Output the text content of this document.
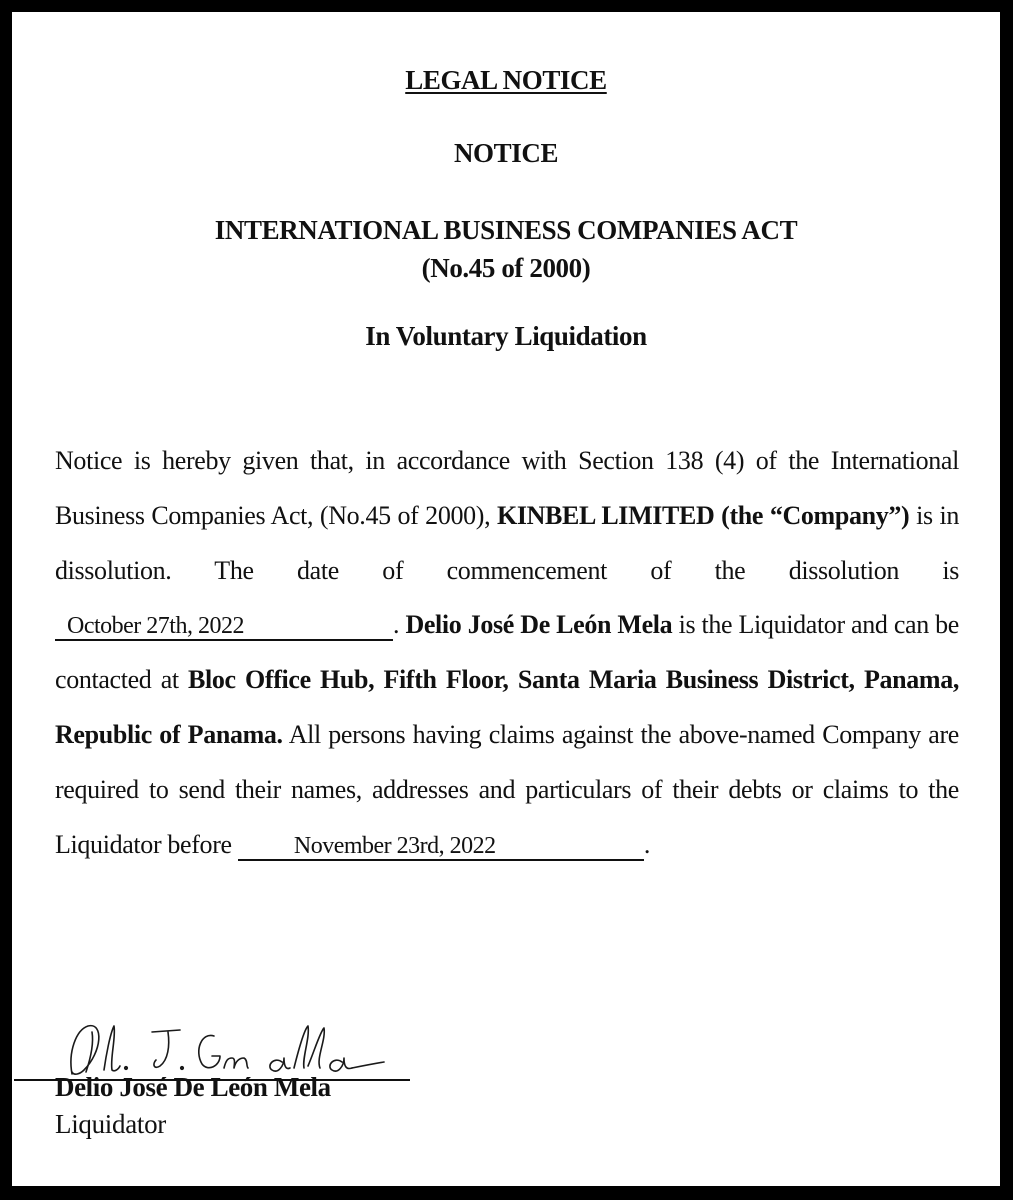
LEGAL NOTICE
NOTICE
INTERNATIONAL BUSINESS COMPANIES ACT
(No.45 of 2000)
In Voluntary Liquidation
Notice is hereby given that, in accordance with Section 138 (4) of the International Business Companies Act, (No.45 of 2000), KINBEL LIMITED (the “Company”) is in dissolution. The date of commencement of the dissolution is October 27th, 2022	. Delio José De León Mela is the Liquidator and can be contacted at Bloc Office Hub, Fifth Floor, Santa Maria Business District, Panama, Republic of Panama. All persons having claims against the above-named Company are required to send their names, addresses and particulars of their debts or claims to the Liquidator before November 23rd, 2022	.
Delio José De León Mela
Liquidator
